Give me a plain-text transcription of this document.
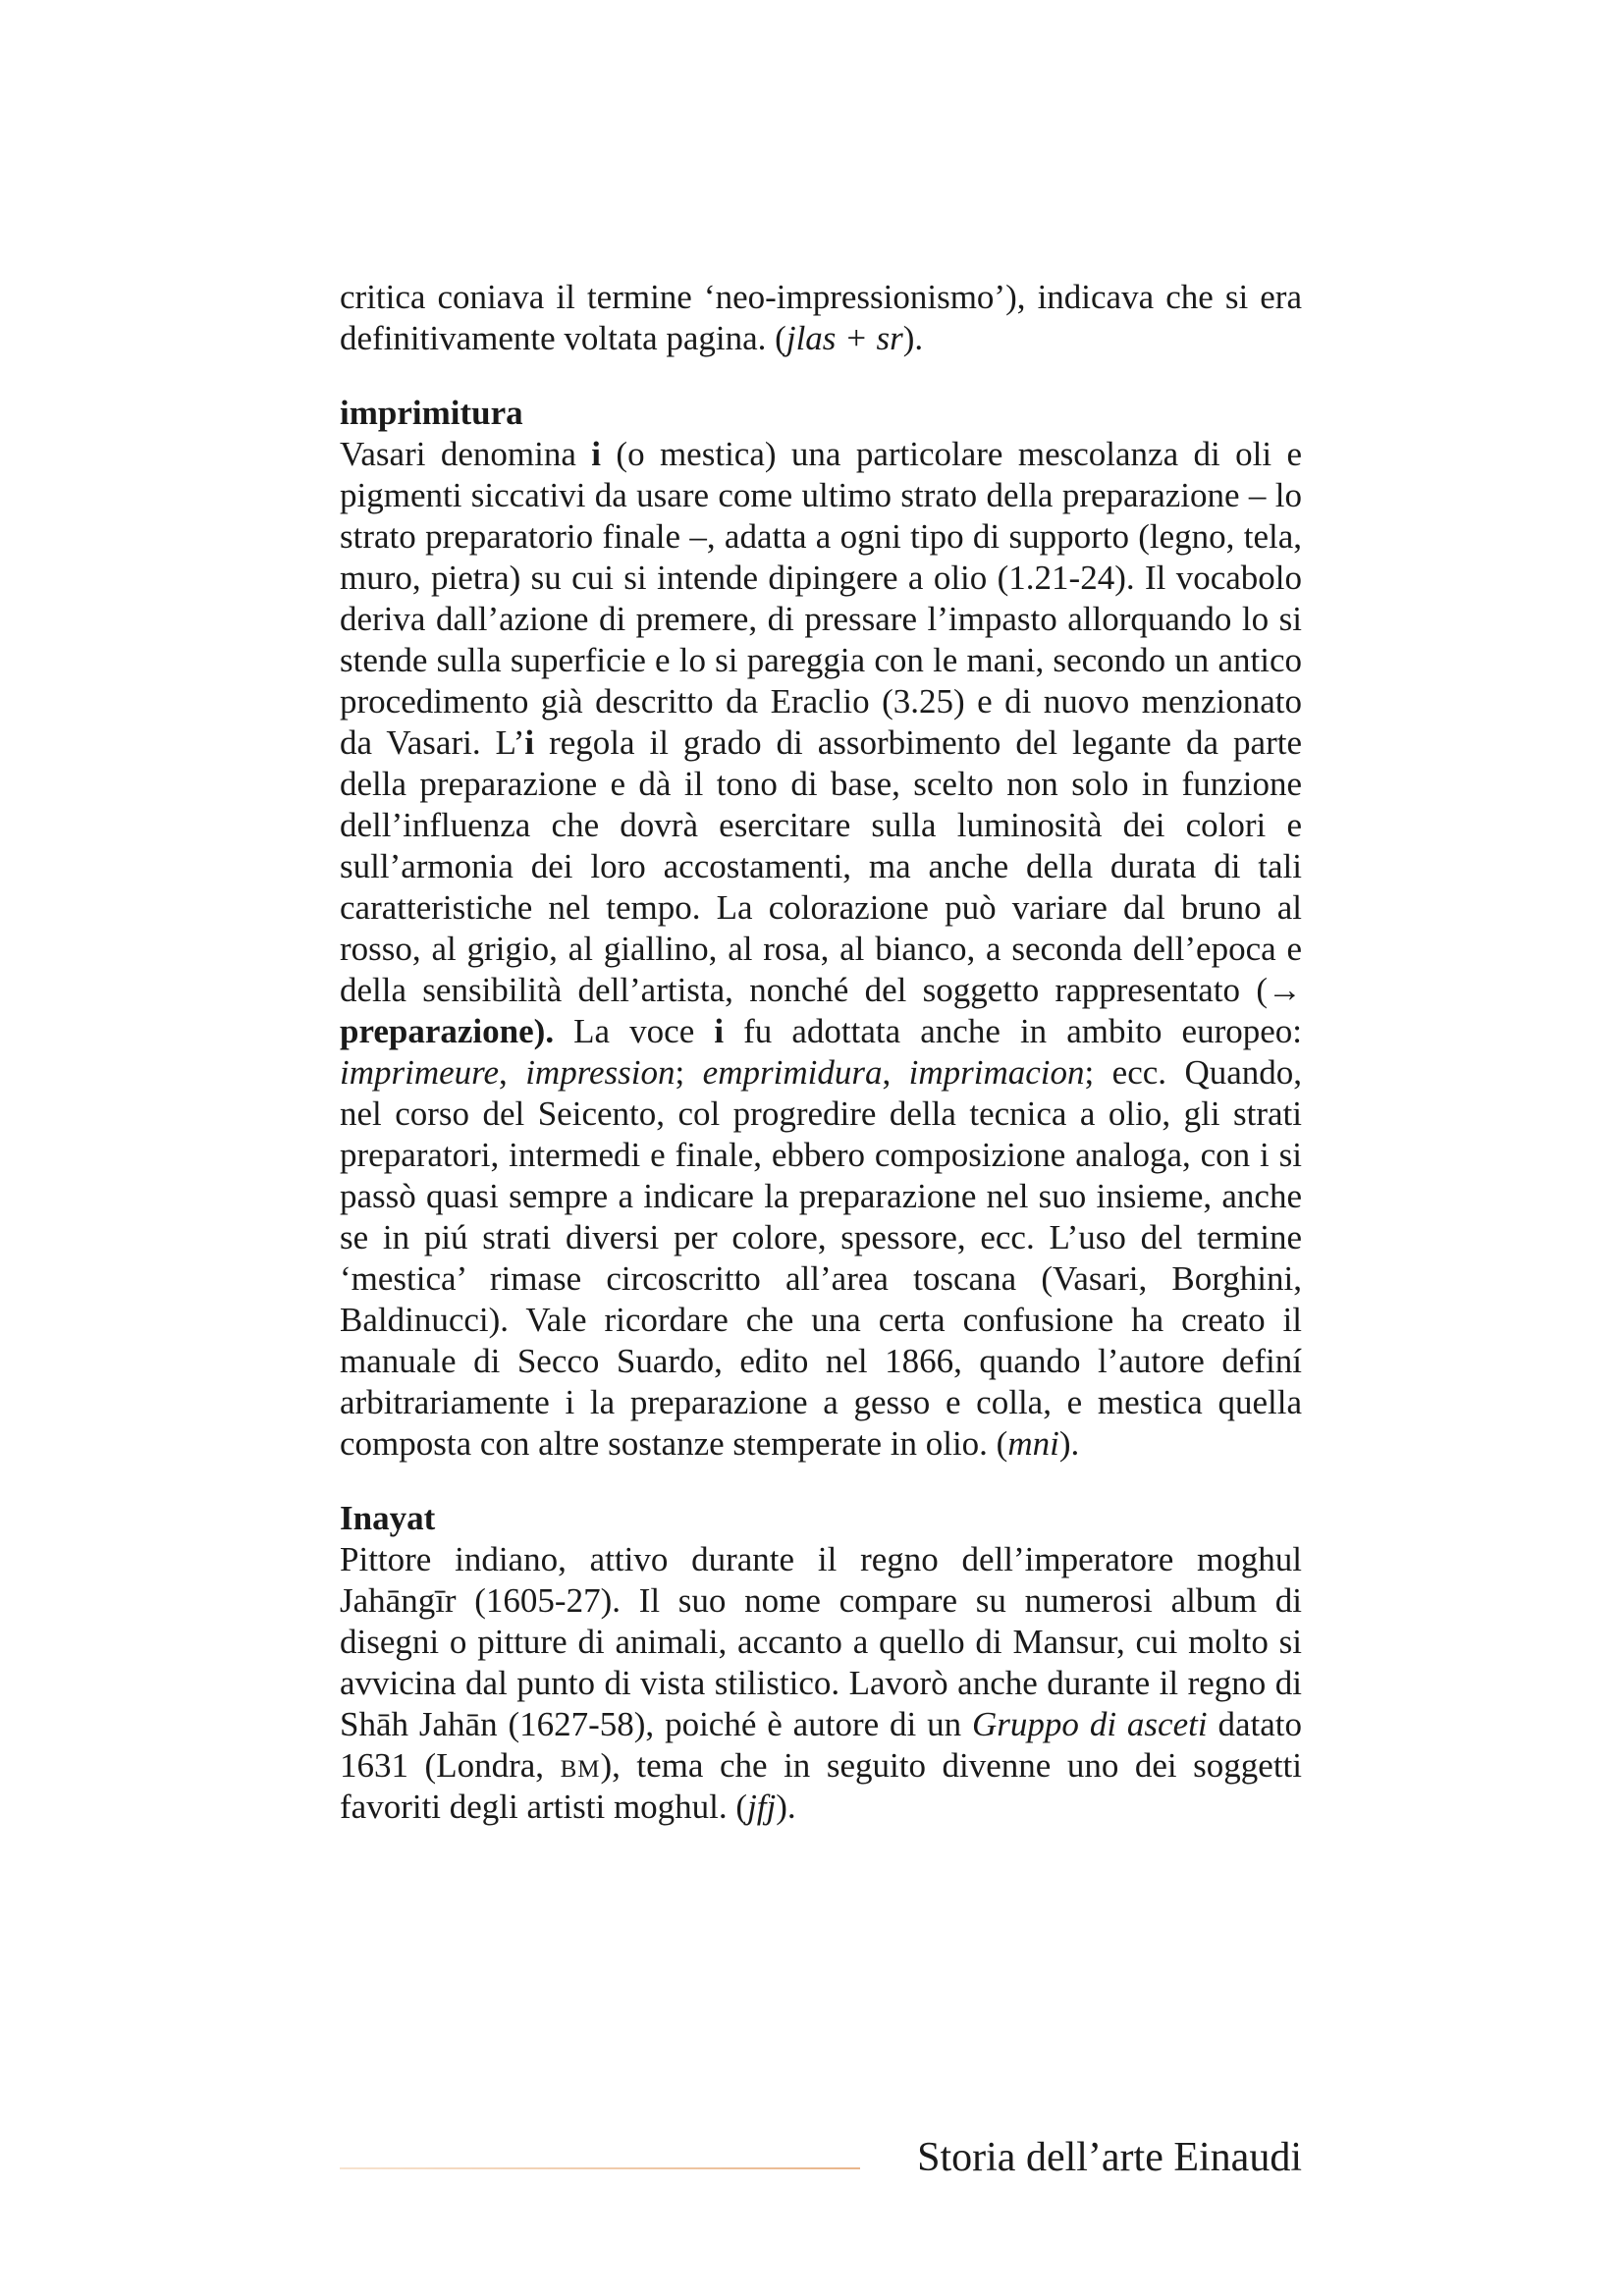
critica coniava il termine ‘neo-impressionismo’), indicava che si era definitivamente voltata pagina. (jlas + sr).

imprimitura

Vasari denomina i (o mestica) una particolare mescolanza di oli e pigmenti siccativi da usare come ultimo strato della preparazione – lo strato preparatorio finale –, adatta a ogni tipo di supporto (legno, tela, muro, pietra) su cui si intende dipingere a olio (1.21-24). Il vocabolo deriva dall’azione di premere, di pressare l’impasto allorquando lo si stende sulla superficie e lo si pareggia con le mani, secondo un antico procedimento già descritto da Eraclio (3.25) e di nuovo menzionato da Vasari. L’i regola il grado di assorbimento del legante da parte della preparazione e dà il tono di base, scelto non solo in funzione dell’influenza che dovrà esercitare sulla luminosità dei colori e sull’armonia dei loro accostamenti, ma anche della durata di tali caratteristiche nel tempo. La colorazione può variare dal bruno al rosso, al grigio, al giallino, al rosa, al bianco, a seconda dell’epoca e della sensibilità dell’artista, nonché del soggetto rappresentato (→ preparazione). La voce i fu adottata anche in ambito europeo: imprimeure, impression; emprimidura, imprimacion; ecc. Quando, nel corso del Seicento, col progredire della tecnica a olio, gli strati preparatori, intermedi e finale, ebbero composizione analoga, con i si passò quasi sempre a indicare la preparazione nel suo insieme, anche se in piú strati diversi per colore, spessore, ecc. L’uso del termine ‘mestica’ rimase circoscritto all’area toscana (Vasari, Borghini, Baldinucci). Vale ricordare che una certa confusione ha creato il manuale di Secco Suardo, edito nel 1866, quando l’autore definí arbitrariamente i la preparazione a gesso e colla, e mestica quella composta con altre sostanze stemperate in olio. (mni).

Inayat

Pittore indiano, attivo durante il regno dell’imperatore moghul Jahāngīr (1605-27). Il suo nome compare su numerosi album di disegni o pitture di animali, accanto a quello di Mansur, cui molto si avvicina dal punto di vista stilistico. Lavorò anche durante il regno di Shāh Jahān (1627-58), poiché è autore di un Gruppo di asceti datato 1631 (Londra, bm), tema che in seguito divenne uno dei soggetti favoriti degli artisti moghul. (jfj).

Storia dell’arte Einaudi
